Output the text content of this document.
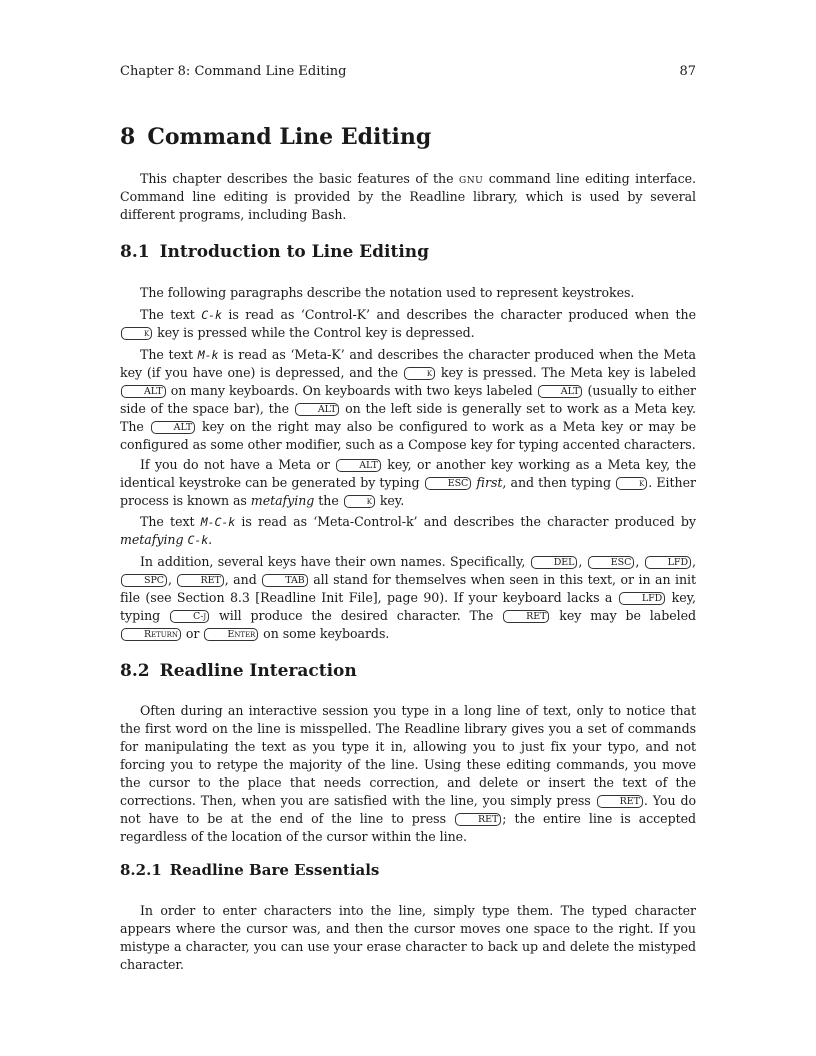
Chapter 8: Command Line Editing	87
8 Command Line Editing

This chapter describes the basic features of the gnu command line editing interface. Command line editing is provided by the Readline library, which is used by several different programs, including Bash.

8.1 Introduction to Line Editing

The following paragraphs describe the notation used to represent keystrokes.

The text C-k is read as ‘Control-K’ and describes the character produced when the k key is pressed while the Control key is depressed.

The text M-k is read as ‘Meta-K’ and describes the character produced when the Meta key (if you have one) is depressed, and the	k key is pressed. The Meta key is labeled ALT on many keyboards. On keyboards with two keys labeled	ALT (usually to either side of the space bar), the	ALT on the left side is generally set to work as a Meta key. The	ALT key on the right may also be configured to work as a Meta key or may be configured as some other modifier, such as a Compose key for typing accented characters.

If you do not have a Meta or	ALT key, or another key working as a Meta key, the identical keystroke can be generated by typing	ESC first, and then typing	k . Either process is known as metafying the	k key.

The text M-C-k is read as ‘Meta-Control-k’ and describes the character produced by metafying C-k.

In addition, several keys have their own names. Specifically,	DEL ,	ESC ,	LFD , SPC ,	RET , and	TAB all stand for themselves when seen in this text, or in an init file (see Section 8.3 [Readline Init File], page 90). If your keyboard lacks a	LFD key, typing	C-j will produce the desired character. The	RET key may be labeled Return or	Enter on some keyboards.

8.2 Readline Interaction

Often during an interactive session you type in a long line of text, only to notice that the first word on the line is misspelled. The Readline library gives you a set of commands for manipulating the text as you type it in, allowing you to just fix your typo, and not forcing you to retype the majority of the line. Using these editing commands, you move the cursor to the place that needs correction, and delete or insert the text of the corrections. Then, when you are satisfied with the line, you simply press	RET . You do not have to be at the end of the line to press	RET ; the entire line is accepted regardless of the location of the cursor within the line.

8.2.1 Readline Bare Essentials

In order to enter characters into the line, simply type them. The typed character appears where the cursor was, and then the cursor moves one space to the right. If you mistype a character, you can use your erase character to back up and delete the mistyped character.
